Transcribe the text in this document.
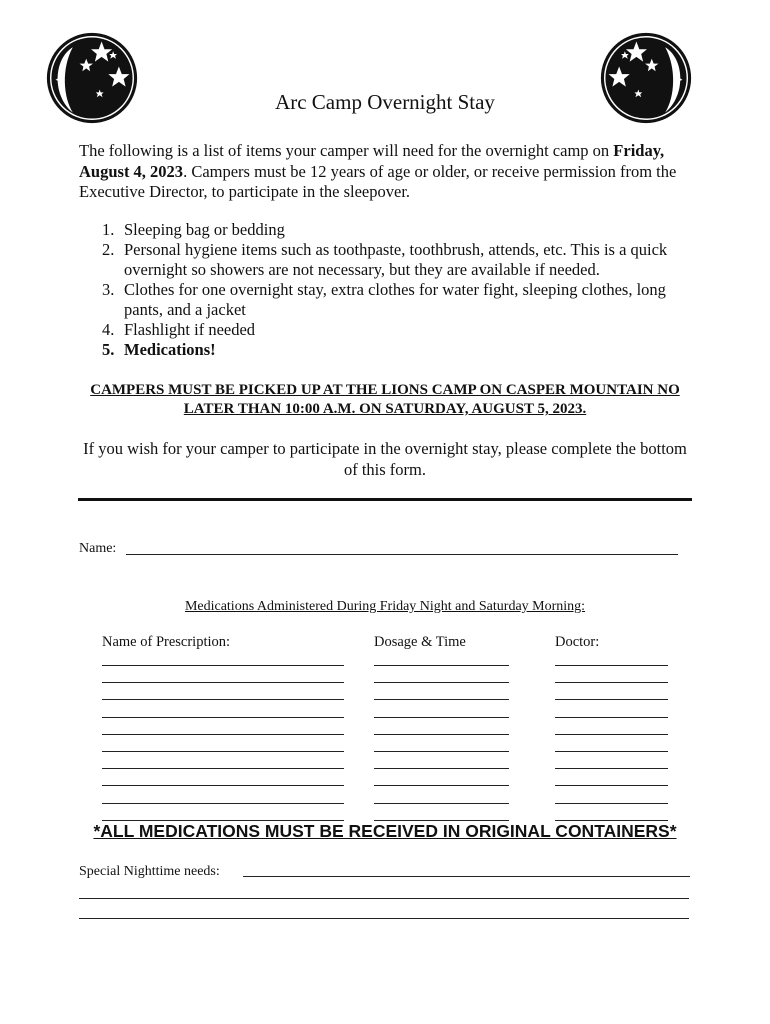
Arc Camp Overnight Stay
The following is a list of items your camper will need for the overnight camp on Friday, August 4, 2023. Campers must be 12 years of age or older, or receive permission from the Executive Director, to participate in the sleepover.
1. Sleeping bag or bedding
2. Personal hygiene items such as toothpaste, toothbrush, attends, etc. This is a quick overnight so showers are not necessary, but they are available if needed.
3. Clothes for one overnight stay, extra clothes for water fight, sleeping clothes, long pants, and a jacket
4. Flashlight if needed
5. Medications!
CAMPERS MUST BE PICKED UP AT THE LIONS CAMP ON CASPER MOUNTAIN NO LATER THAN 10:00 A.M. ON SATURDAY, AUGUST 5, 2023.
If you wish for your camper to participate in the overnight stay, please complete the bottom of this form.
Name:
Medications Administered During Friday Night and Saturday Morning:
Name of Prescription:	Dosage & Time	Doctor:
*ALL MEDICATIONS MUST BE RECEIVED IN ORIGINAL CONTAINERS*
Special Nighttime needs:
